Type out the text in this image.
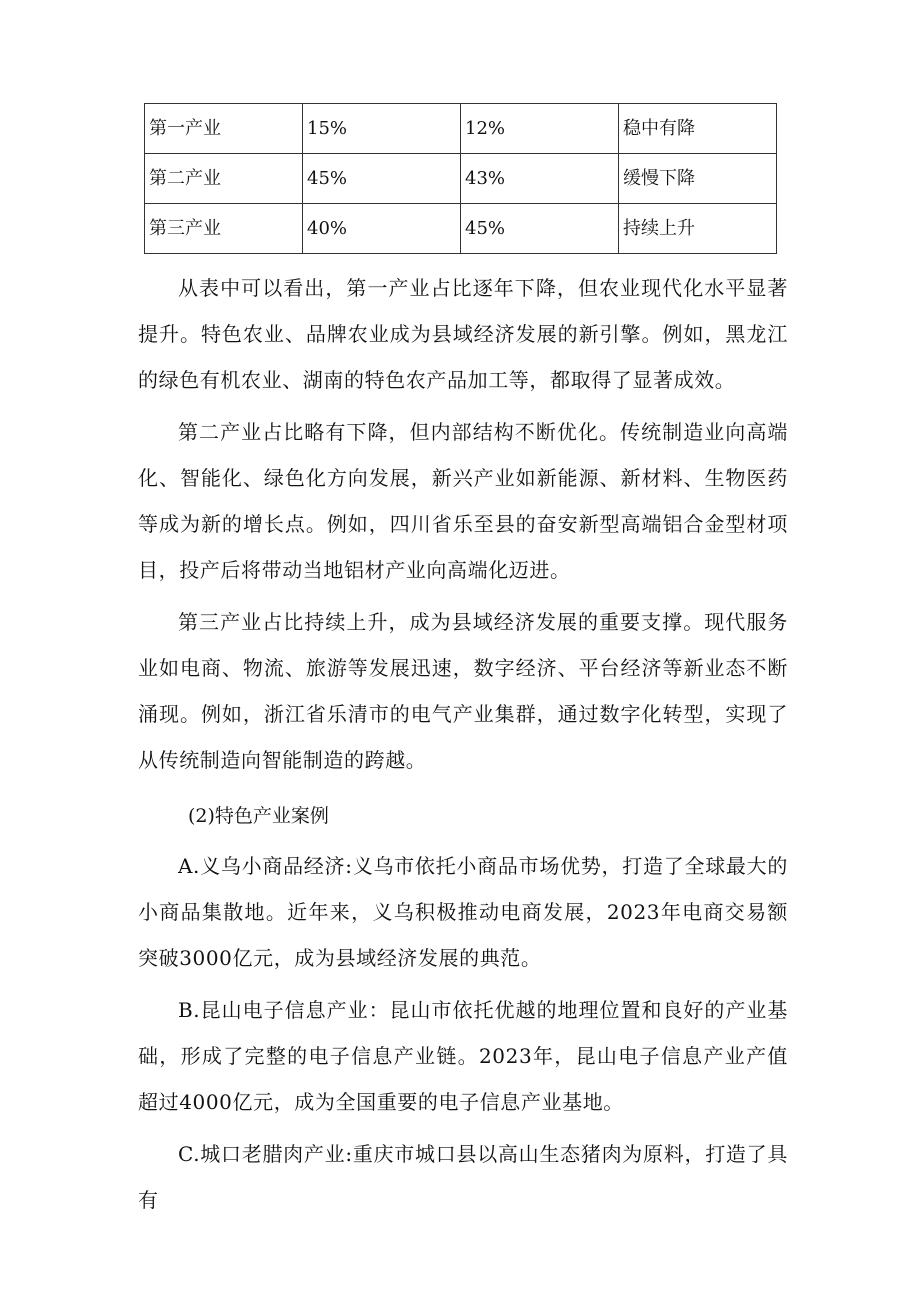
第一产业	15%	12%	稳中有降
第二产业	45%	43%	缓慢下降
第三产业	40%	45%	持续上升

从表中可以看出，第一产业占比逐年下降，但农业现代化水平显著提升。特色农业、品牌农业成为县域经济发展的新引擎。例如，黑龙江的绿色有机农业、湖南的特色农产品加工等，都取得了显著成效。

第二产业占比略有下降，但内部结构不断优化。传统制造业向高端化、智能化、绿色化方向发展，新兴产业如新能源、新材料、生物医药等成为新的增长点。例如，四川省乐至县的奋安新型高端铝合金型材项目，投产后将带动当地铝材产业向高端化迈进。

第三产业占比持续上升，成为县域经济发展的重要支撑。现代服务业如电商、物流、旅游等发展迅速，数字经济、平台经济等新业态不断涌现。例如，浙江省乐清市的电气产业集群，通过数字化转型，实现了从传统制造向智能制造的跨越。

(2)特色产业案例

A.义乌小商品经济:义乌市依托小商品市场优势，打造了全球最大的小商品集散地。近年来，义乌积极推动电商发展，2023年电商交易额突破3000亿元，成为县域经济发展的典范。

B.昆山电子信息产业：昆山市依托优越的地理位置和良好的产业基础，形成了完整的电子信息产业链。2023年，昆山电子信息产业产值超过4000亿元，成为全国重要的电子信息产业基地。

C.城口老腊肉产业:重庆市城口县以高山生态猪肉为原料，打造了具有
